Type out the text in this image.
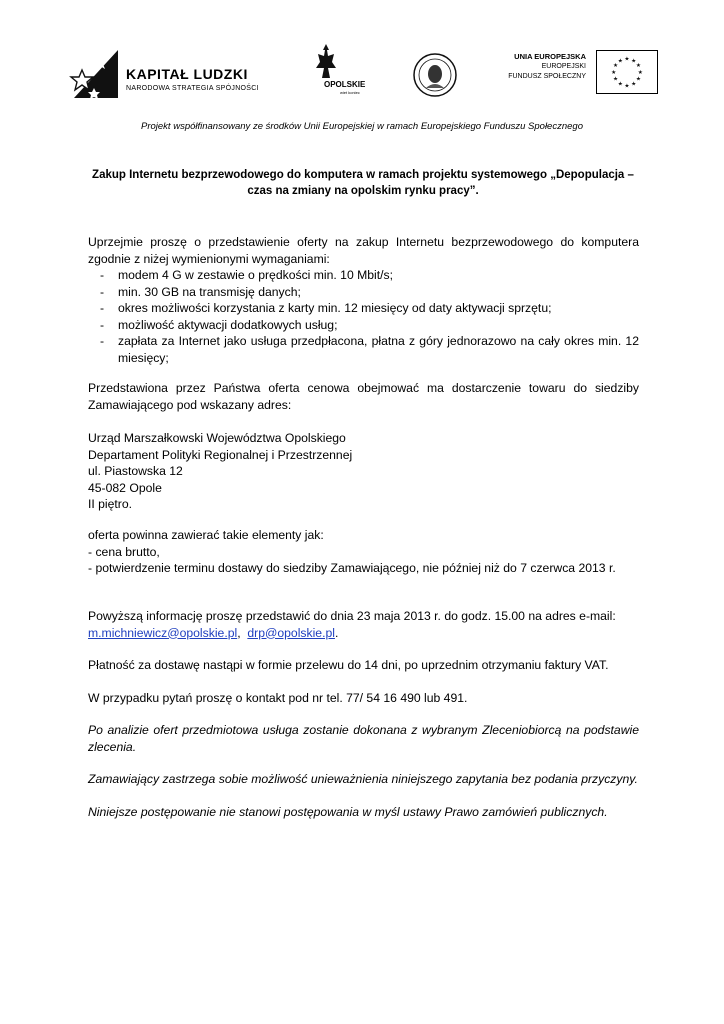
KAPITAŁ LUDZKI
NARODOWA STRATEGIA SPÓJNOŚCI	OPOLSKIE
wiet koniec
UNIA EUROPEJSKA
EUROPEJSKI
FUNDUSZ SPOŁECZNY
★ ★
★
★
★
★
★
★
★
★
★
★
Projekt współfinansowany ze środków Unii Europejskiej w ramach Europejskiego Funduszu Społecznego
Zakup Internetu bezprzewodowego do komputera w ramach projektu systemowego „Depopulacja – czas na zmiany na opolskim rynku pracy”.
Uprzejmie proszę o przedstawienie oferty na zakup Internetu bezprzewodowego do komputera zgodnie z niżej wymienionymi wymaganiami:
- modem 4 G w zestawie o prędkości min. 10 Mbit/s;
- min. 30 GB na transmisję danych;
- okres możliwości korzystania z karty min. 12 miesięcy od daty aktywacji sprzętu;
- możliwość aktywacji dodatkowych usług;
- zapłata za Internet jako usługa przedpłacona, płatna z góry jednorazowo na cały okres min. 12 miesięcy;
Przedstawiona przez Państwa oferta cenowa obejmować ma dostarczenie towaru do siedziby Zamawiającego pod wskazany adres:
Urząd Marszałkowski Województwa Opolskiego
Departament Polityki Regionalnej i Przestrzennej
ul. Piastowska 12
45-082 Opole
II piętro.
oferta powinna zawierać takie elementy jak:
- cena brutto,
- potwierdzenie terminu dostawy do siedziby Zamawiającego, nie później niż do 7 czerwca 2013 r.
Powyższą informację proszę przedstawić do dnia 23 maja 2013 r. do godz. 15.00 na adres e-mail:
m.michniewicz@opolskie.pl,  drp@opolskie.pl.
Płatność za dostawę nastąpi w formie przelewu do 14 dni, po uprzednim otrzymaniu faktury VAT.
W przypadku pytań proszę o kontakt pod nr tel. 77/ 54 16 490 lub 491.
Po analizie ofert przedmiotowa usługa zostanie dokonana z wybranym Zleceniobiorcą na podstawie zlecenia.
Zamawiający zastrzega sobie możliwość unieważnienia niniejszego zapytania bez podania przyczyny.
Niniejsze postępowanie nie stanowi postępowania w myśl ustawy Prawo zamówień publicznych.
